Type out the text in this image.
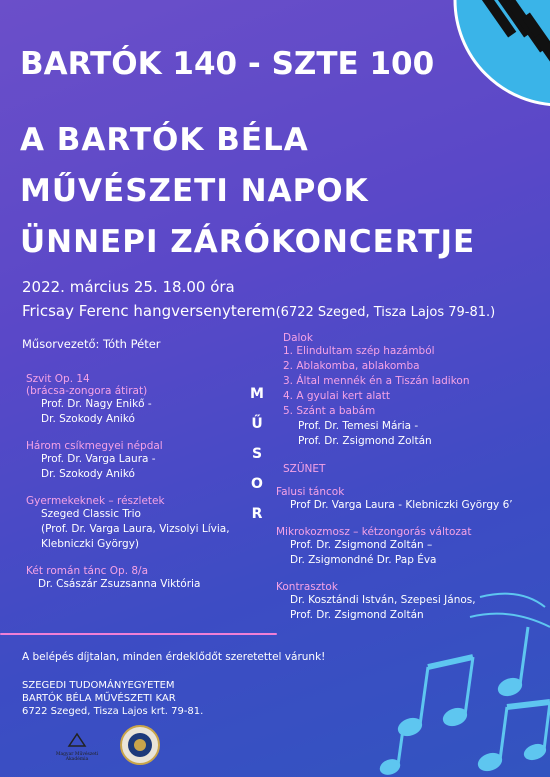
BARTÓK 140 - SZTE 100
A BARTÓK BÉLA
MŰVÉSZETI NAPOK
ÜNNEPI ZÁRÓKONCERTJE
2022. március 25. 18.00 óra
Fricsay Ferenc hangversenyterem(6722 Szeged, Tisza Lajos 79-81.)
Műsorvezető: Tóth Péter
Szvit Op. 14
(brácsa-zongora átirat)
Prof. Dr. Nagy Enikő -
Dr. Szokody Anikó
Három csíkmegyei népdal
Prof. Dr. Varga Laura -
Dr. Szokody Anikó
Gyermekeknek – részletek
Szeged Classic Trio
(Prof. Dr. Varga Laura, Vizsolyi Lívia,
Klebniczki György)
Két román tánc Op. 8/a
Dr. Császár Zsuzsanna Viktória
M
Ű
S
O
R
Dalok
1. Elindultam szép hazámból
2. Ablakomba, ablakomba
3. Által mennék én a Tiszán ladikon
4. A gyulai kert alatt
5. Szánt a babám
Prof. Dr. Temesi Mária -
Prof. Dr. Zsigmond Zoltán
SZÜNET
Falusi táncok
Prof Dr. Varga Laura - Klebniczki György 6’
Mikrokozmosz – kétzongorás változat
Prof. Dr. Zsigmond Zoltán –
Dr. Zsigmondné Dr. Pap Éva
Kontrasztok
Dr. Kosztándi István, Szepesi János,
Prof. Dr. Zsigmond Zoltán
A belépés díjtalan, minden érdeklődőt szeretettel várunk!
SZEGEDI TUDOMÁNYEGYETEM
BARTÓK BÉLA MŰVÉSZETI KAR
6722 Szeged, Tisza Lajos krt. 79-81.
Magyar Művészeti Akadémia
